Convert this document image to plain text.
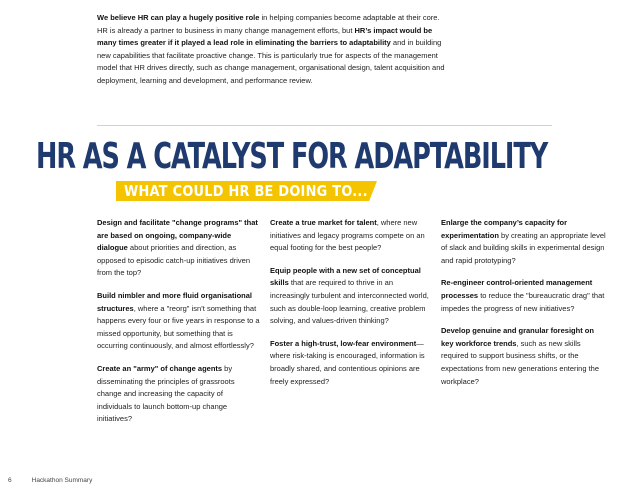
We believe HR can play a hugely positive role in helping companies become adaptable at their core. HR is already a partner to business in many change management efforts, but HR’s impact would be many times greater if it played a lead role in eliminating the barriers to adaptability and in building new capabilities that facilitate proactive change. This is particularly true for aspects of the management model that HR drives directly, such as change management, organisational design, talent acquisition and deployment, learning and development, and performance review.
HR AS A CATALYST FOR ADAPTABILITY
WHAT COULD HR BE DOING TO...

Design and facilitate "change programs" that are based on ongoing, company-wide dialogue about priorities and direction, as opposed to episodic catch-up initiatives driven from the top?

Build nimbler and more fluid organisational structures, where a "reorg" isn’t something that happens every four or five years in response to a missed opportunity, but something that is occurring continuously, and almost effortlessly?

Create an "army" of change agents by disseminating the principles of grassroots change and increasing the capacity of individuals to launch bottom-up change initiatives?

Create a true market for talent, where new initiatives and legacy programs compete on an equal footing for the best people?

Equip people with a new set of conceptual skills that are required to thrive in an increasingly turbulent and interconnected world, such as double-loop learning, creative problem solving, and values-driven thinking?

Foster a high-trust, low-fear environment—where risk-taking is encouraged, information is broadly shared, and contentious opinions are freely expressed?

Enlarge the company’s capacity for experimentation by creating an appropriate level of slack and building skills in experimental design and rapid prototyping?

Re-engineer control-oriented management processes to reduce the "bureaucratic drag" that impedes the progress of new initiatives?

Develop genuine and granular foresight on key workforce trends, such as new skills required to support business shifts, or the expectations from new generations entering the workplace?

6	Hackathon Summary
